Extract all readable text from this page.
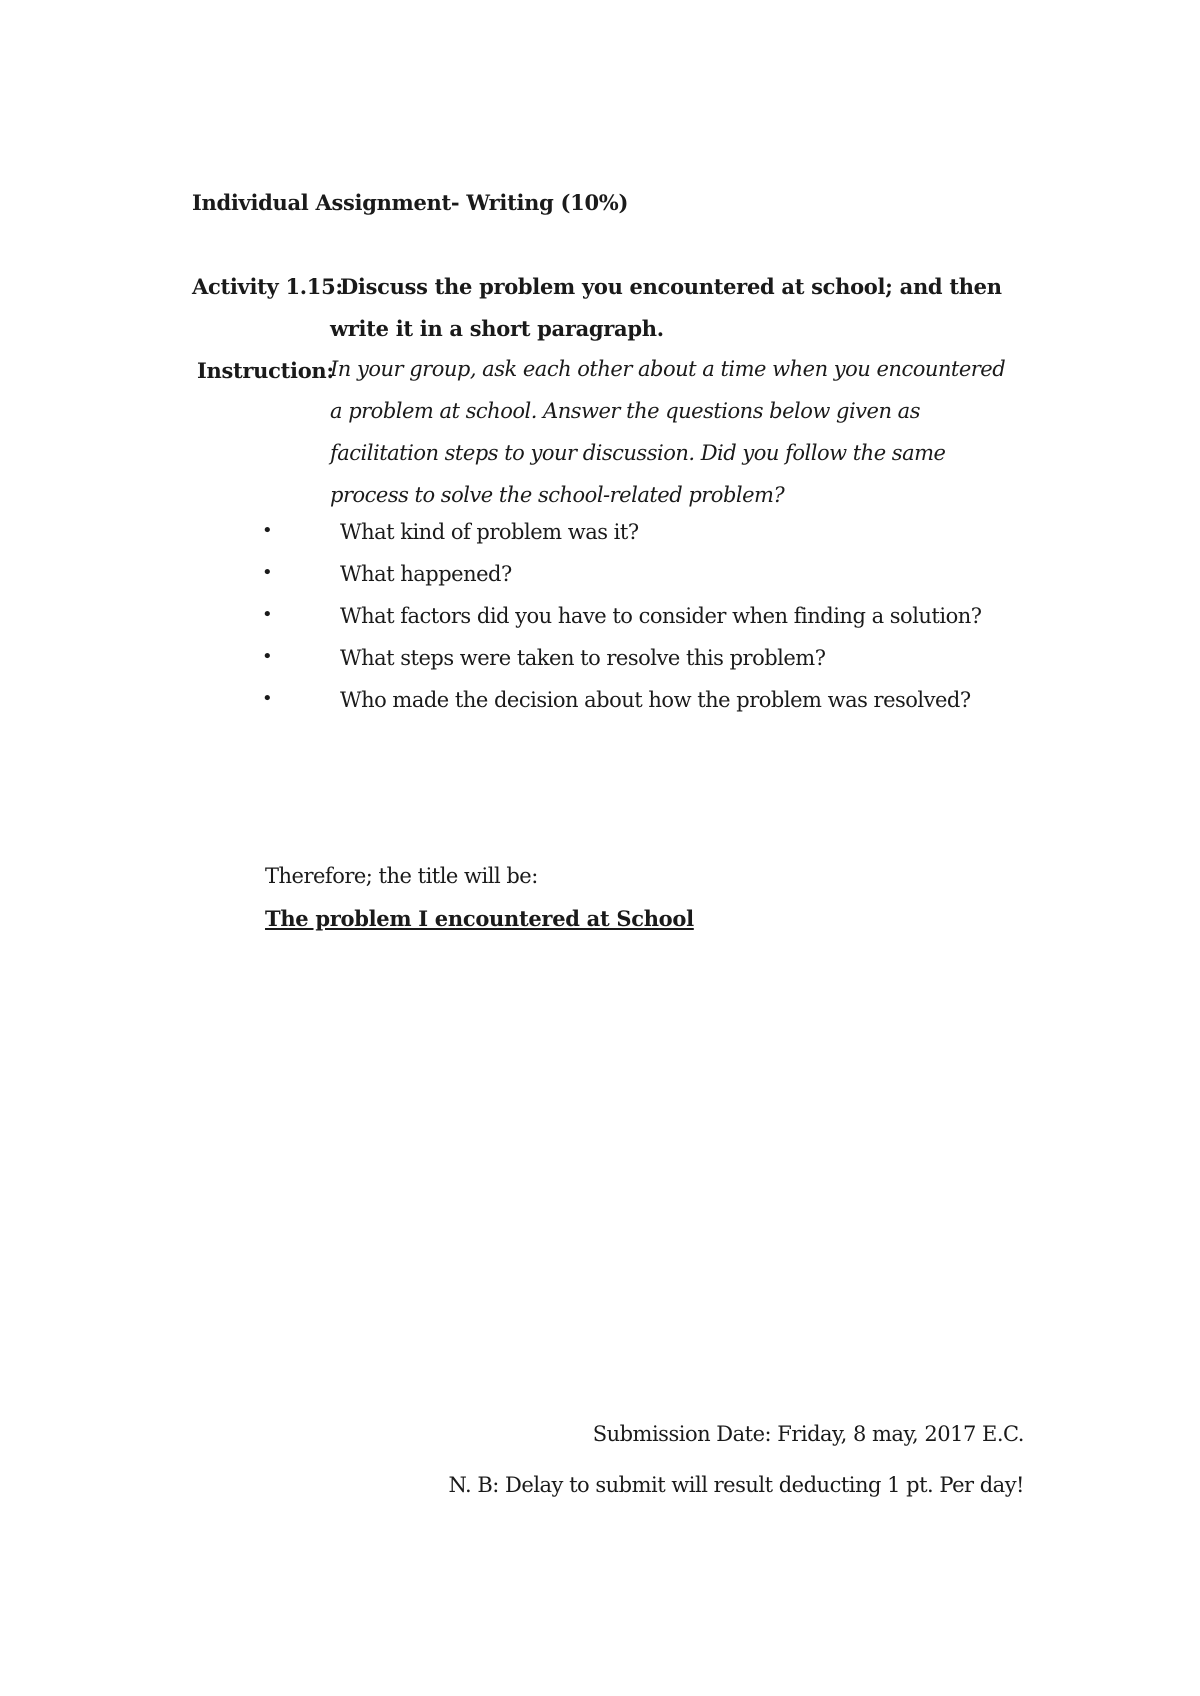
Individual Assignment- Writing (10%)
Activity 1.15:
Discuss the problem you encountered at school; and then
write it in a short paragraph.
Instruction:
In your group, ask each other about a time when you encountered a problem at school. Answer the questions below given as facilitation steps to your discussion. Did you follow the same process to solve the school-related problem?
•	What kind of problem was it?
•	What happened?
•	What factors did you have to consider when finding a solution?
•	What steps were taken to resolve this problem?
•	Who made the decision about how the problem was resolved?
Therefore; the title will be:
The problem I encountered at School
Submission Date: Friday, 8 may, 2017 E.C.
N. B: Delay to submit will result deducting 1 pt. Per day!
